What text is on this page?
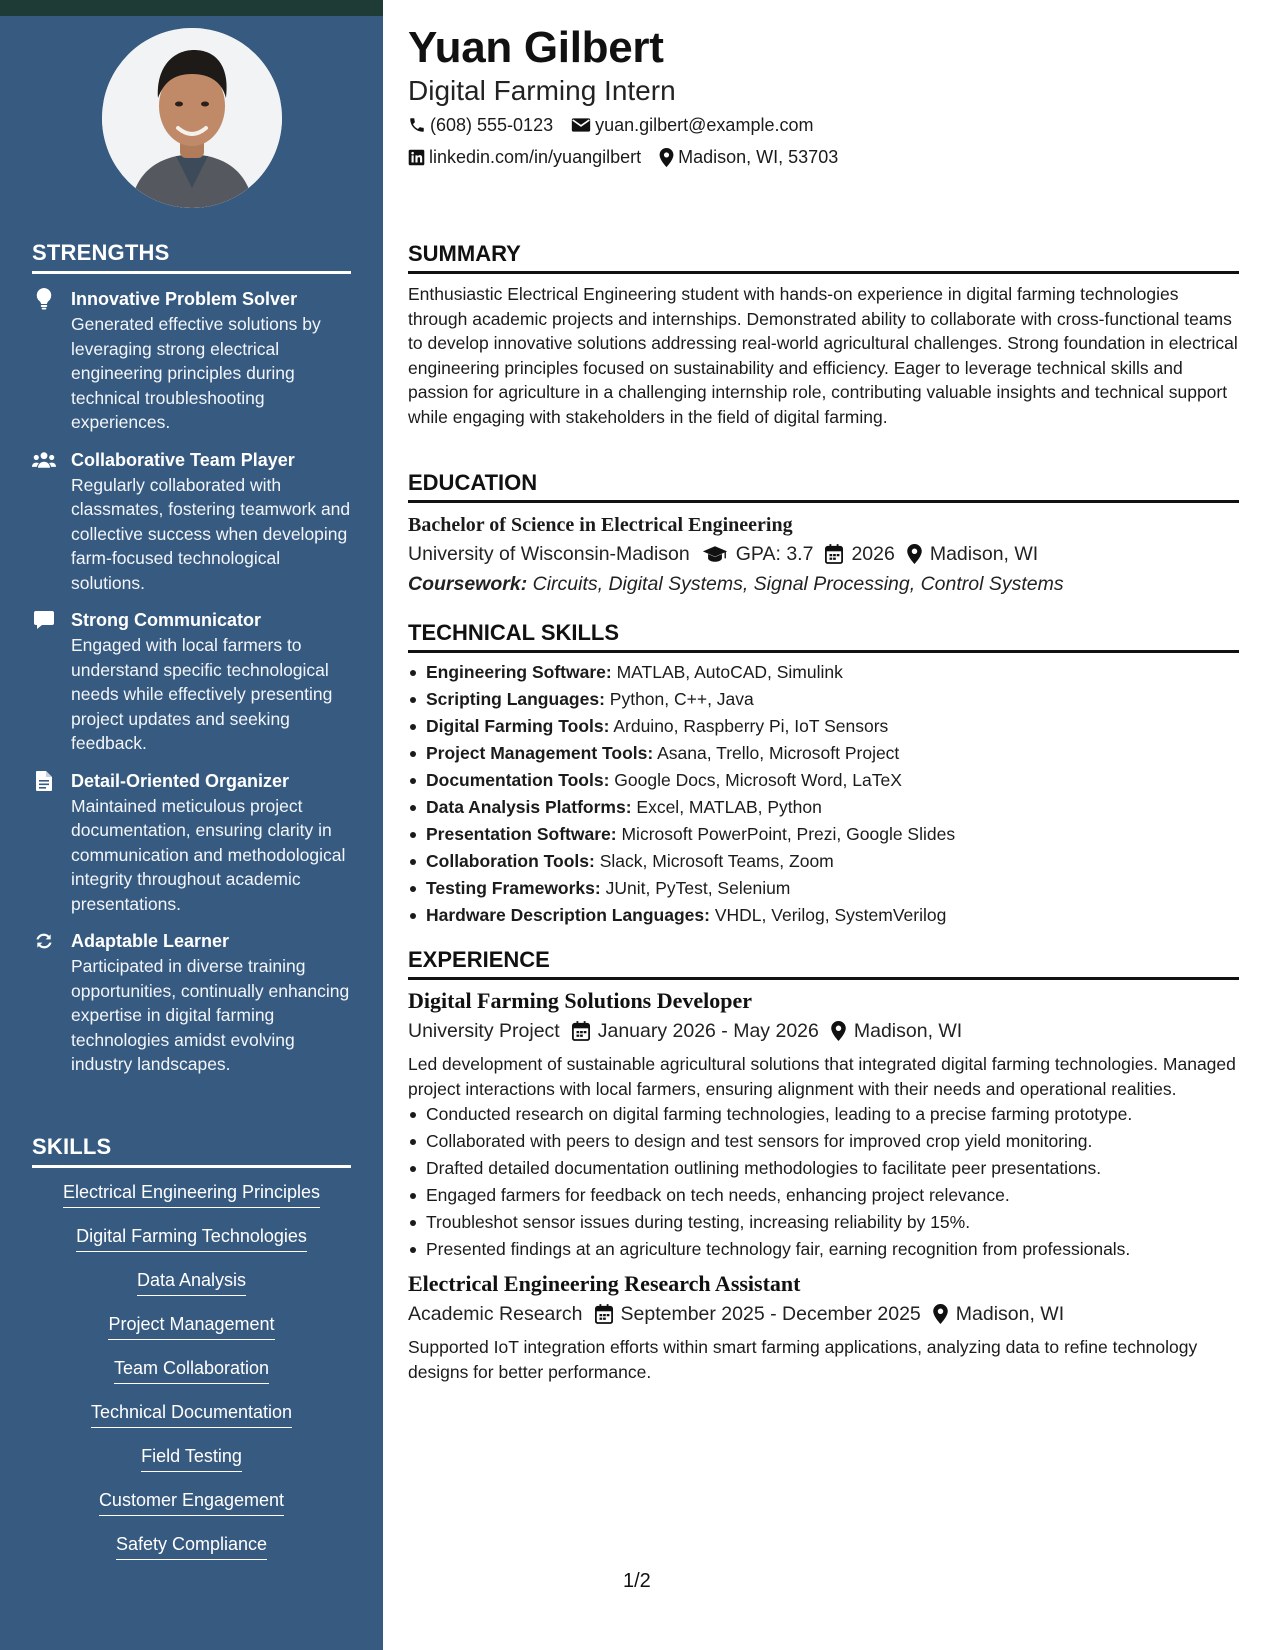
STRENGTHS
Innovative Problem Solver
Generated effective solutions by leveraging strong electrical engineering principles during technical troubleshooting experiences.
Collaborative Team Player
Regularly collaborated with classmates, fostering teamwork and collective success when developing farm-focused technological solutions.
Strong Communicator
Engaged with local farmers to understand specific technological needs while effectively presenting project updates and seeking feedback.
Detail-Oriented Organizer
Maintained meticulous project documentation, ensuring clarity in communication and methodological integrity throughout academic presentations.
Adaptable Learner
Participated in diverse training opportunities, continually enhancing expertise in digital farming technologies amidst evolving industry landscapes.
SKILLS
Electrical Engineering Principles
Digital Farming Technologies
Data Analysis
Project Management
Team Collaboration
Technical Documentation
Field Testing
Customer Engagement
Safety Compliance
Yuan Gilbert
Digital Farming Intern
(608) 555-0123 yuan.gilbert@example.com
linkedin.com/in/yuangilbert Madison, WI, 53703
SUMMARY
Enthusiastic Electrical Engineering student with hands-on experience in digital farming technologies through academic projects and internships. Demonstrated ability to collaborate with cross-functional teams to develop innovative solutions addressing real-world agricultural challenges. Strong foundation in electrical engineering principles focused on sustainability and efficiency. Eager to leverage technical skills and passion for agriculture in a challenging internship role, contributing valuable insights and technical support while engaging with stakeholders in the field of digital farming.
EDUCATION
Bachelor of Science in Electrical Engineering
University of Wisconsin-Madison GPA: 3.7 2026 Madison, WI
Coursework: Circuits, Digital Systems, Signal Processing, Control Systems
TECHNICAL SKILLS
Engineering Software: MATLAB, AutoCAD, Simulink
Scripting Languages: Python, C++, Java
Digital Farming Tools: Arduino, Raspberry Pi, IoT Sensors
Project Management Tools: Asana, Trello, Microsoft Project
Documentation Tools: Google Docs, Microsoft Word, LaTeX
Data Analysis Platforms: Excel, MATLAB, Python
Presentation Software: Microsoft PowerPoint, Prezi, Google Slides
Collaboration Tools: Slack, Microsoft Teams, Zoom
Testing Frameworks: JUnit, PyTest, Selenium
Hardware Description Languages: VHDL, Verilog, SystemVerilog
EXPERIENCE
Digital Farming Solutions Developer
University Project January 2026 - May 2026 Madison, WI
Led development of sustainable agricultural solutions that integrated digital farming technologies. Managed project interactions with local farmers, ensuring alignment with their needs and operational realities.
Conducted research on digital farming technologies, leading to a precise farming prototype.
Collaborated with peers to design and test sensors for improved crop yield monitoring.
Drafted detailed documentation outlining methodologies to facilitate peer presentations.
Engaged farmers for feedback on tech needs, enhancing project relevance.
Troubleshot sensor issues during testing, increasing reliability by 15%.
Presented findings at an agriculture technology fair, earning recognition from professionals.
Electrical Engineering Research Assistant
Academic Research September 2025 - December 2025 Madison, WI
Supported IoT integration efforts within smart farming applications, analyzing data to refine technology designs for better performance.
1/2
